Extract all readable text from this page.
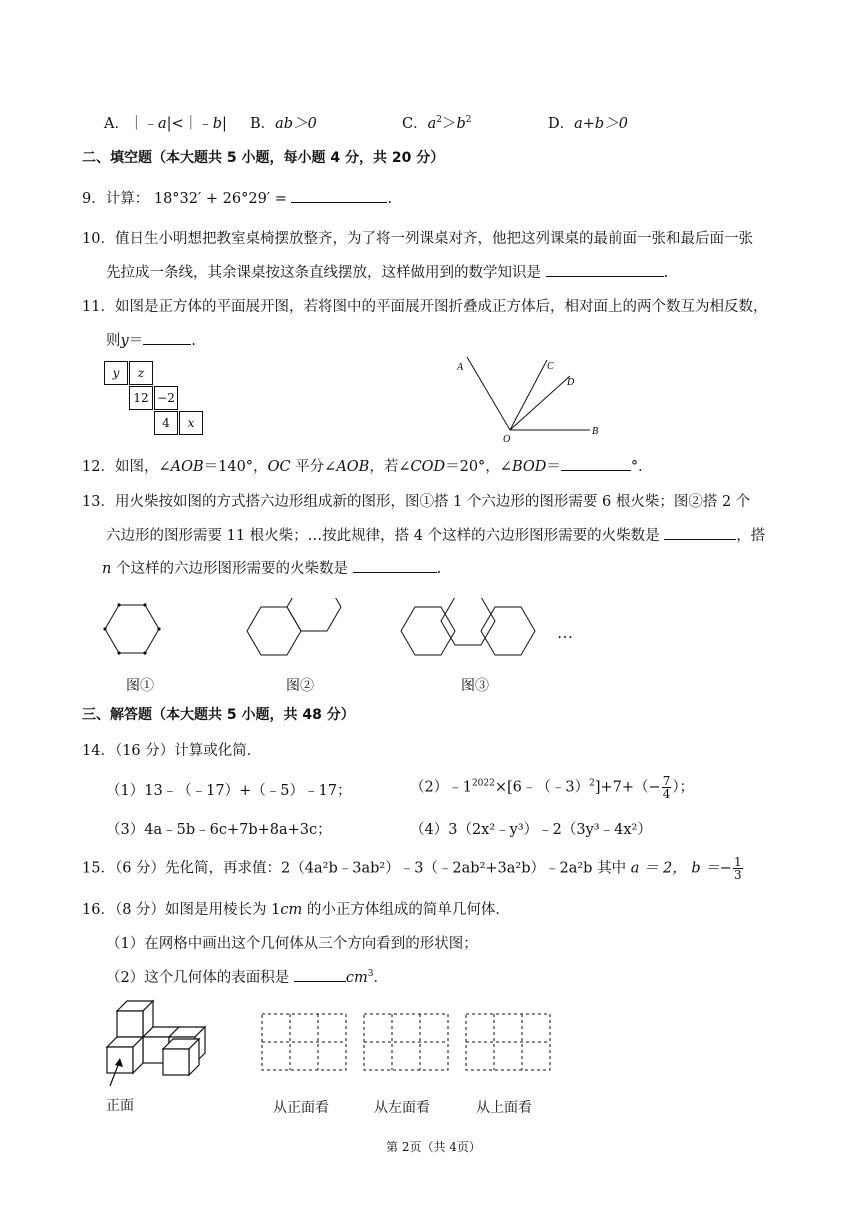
A．｜﹣a|<｜﹣b| B．ab＞0	C．$a^2>b^2$	D．a+b＞0
二、填空题（本大题共 5 小题，每小题 4 分，共 20 分）
9．计算： 18°32′ + 26°29′ =	.
10．值日生小明想把教室桌椅摆放整齐，为了将一列课桌对齐，他把这列课桌的最前面一张和最后面一张
先拉成一条线，其余课桌按这条直线摆放，这样做用到的数学知识是	.
11．如图是正方体的平面展开图，若将图中的平面展开图折叠成正方体后，相对面上的两个数互为相反数，
则y＝	.
y	z
12 −2
4	x
A	C
D
O
B
12．如图，∠AOB＝140°，OC 平分∠AOB，若∠COD＝20°，∠BOD＝	°．
13．用火柴按如图的方式搭六边形组成新的图形，图①搭 1 个六边形的图形需要 6 根火柴；图②搭 2 个
六边形的图形需要 11 根火柴；…按此规律，搭 4 个这样的六边形图形需要的火柴数是	，搭
n 个这样的六边形图形需要的火柴数是	.
…
图①	图②	图③
三、解答题（本大题共 5 小题，共 48 分）
14．（16 分）计算或化简．
（1）13﹣（﹣17）+（﹣5）﹣17；	$(2)﹣1^{2022}\times[6﹣(﹣3)^2]+7+(- \frac{7}{4}$ ）；
（3）4a﹣5b﹣6c+7b+8a+3c；	（4）3（2x²﹣y³）﹣2（3y³﹣4x²）
15．（6 分）先化简，再求值：2（4a²b﹣3ab²）﹣3（﹣2ab²+3a²b）﹣2a²b 其中 a ＝ 2， $b =- \frac{1}{3}$
16．（8 分）如图是用棱长为 1cm 的小正方体组成的简单几何体．
（1）在网格中画出这个几何体从三个方向看到的形状图；
（2）这个几何体的表面积是	$cm^3$．
正面	从正面看	从左面看	从上面看
第 2页（共 4页）
